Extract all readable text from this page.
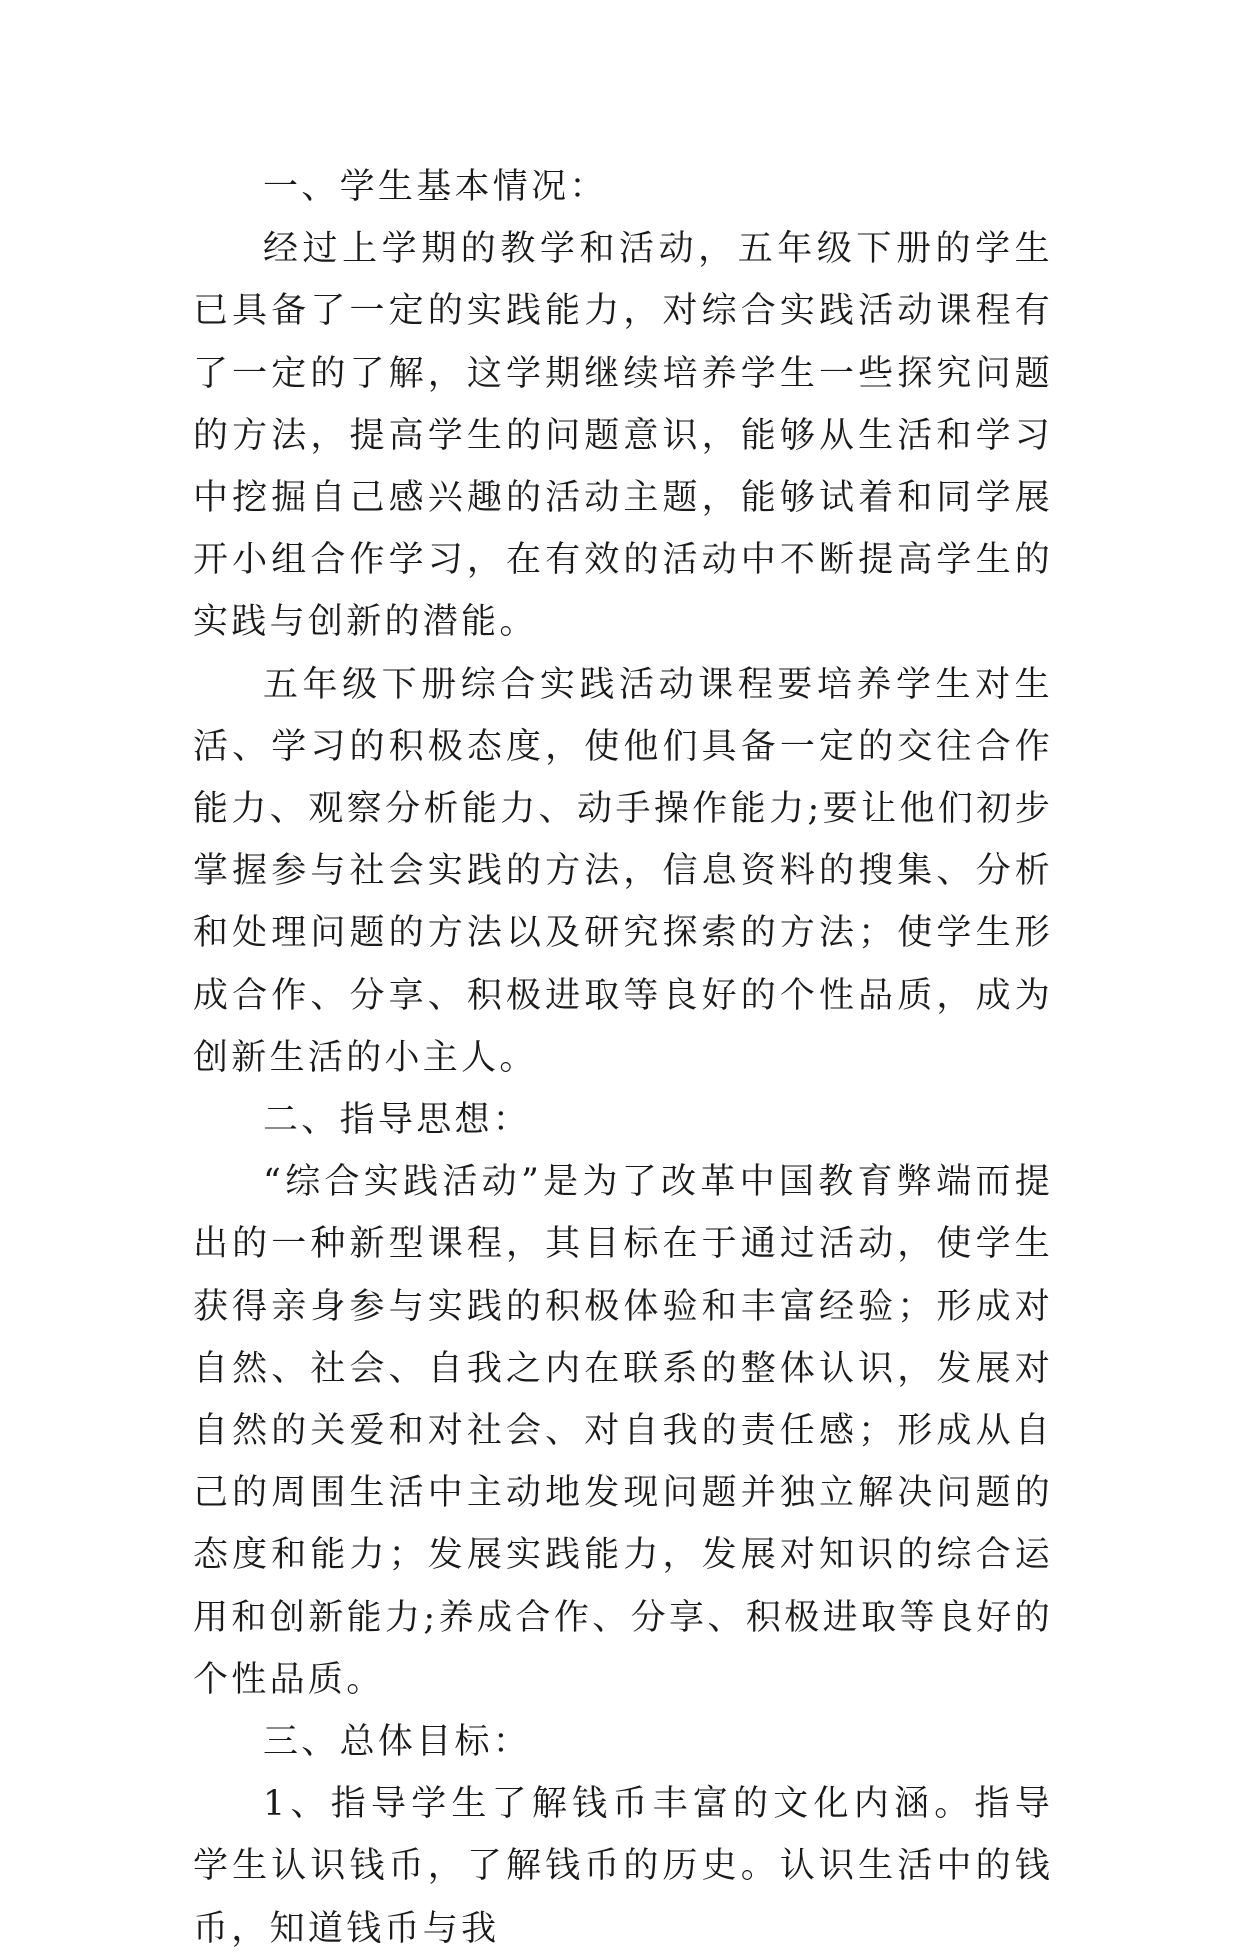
一、学生基本情况：

经过上学期的教学和活动，五年级下册的学生已具备了一定的实践能力，对综合实践活动课程有了一定的了解，这学期继续培养学生一些探究问题的方法，提高学生的问题意识，能够从生活和学习中挖掘自己感兴趣的活动主题，能够试着和同学展开小组合作学习，在有效的活动中不断提高学生的实践与创新的潜能。

五年级下册综合实践活动课程要培养学生对生活、学习的积极态度，使他们具备一定的交往合作能力、观察分析能力、动手操作能力;要让他们初步掌握参与社会实践的方法，信息资料的搜集、分析和处理问题的方法以及研究探索的方法；使学生形成合作、分享、积极进取等良好的个性品质，成为创新生活的小主人。

二、指导思想：

“综合实践活动”是为了改革中国教育弊端而提出的一种新型课程，其目标在于通过活动，使学生获得亲身参与实践的积极体验和丰富经验；形成对自然、社会、自我之内在联系的整体认识，发展对自然的关爱和对社会、对自我的责任感；形成从自己的周围生活中主动地发现问题并独立解决问题的态度和能力；发展实践能力，发展对知识的综合运用和创新能力;养成合作、分享、积极进取等良好的个性品质。

三、总体目标：

1、指导学生了解钱币丰富的文化内涵。指导学生认识钱币，了解钱币的历史。认识生活中的钱币，知道钱币与我
